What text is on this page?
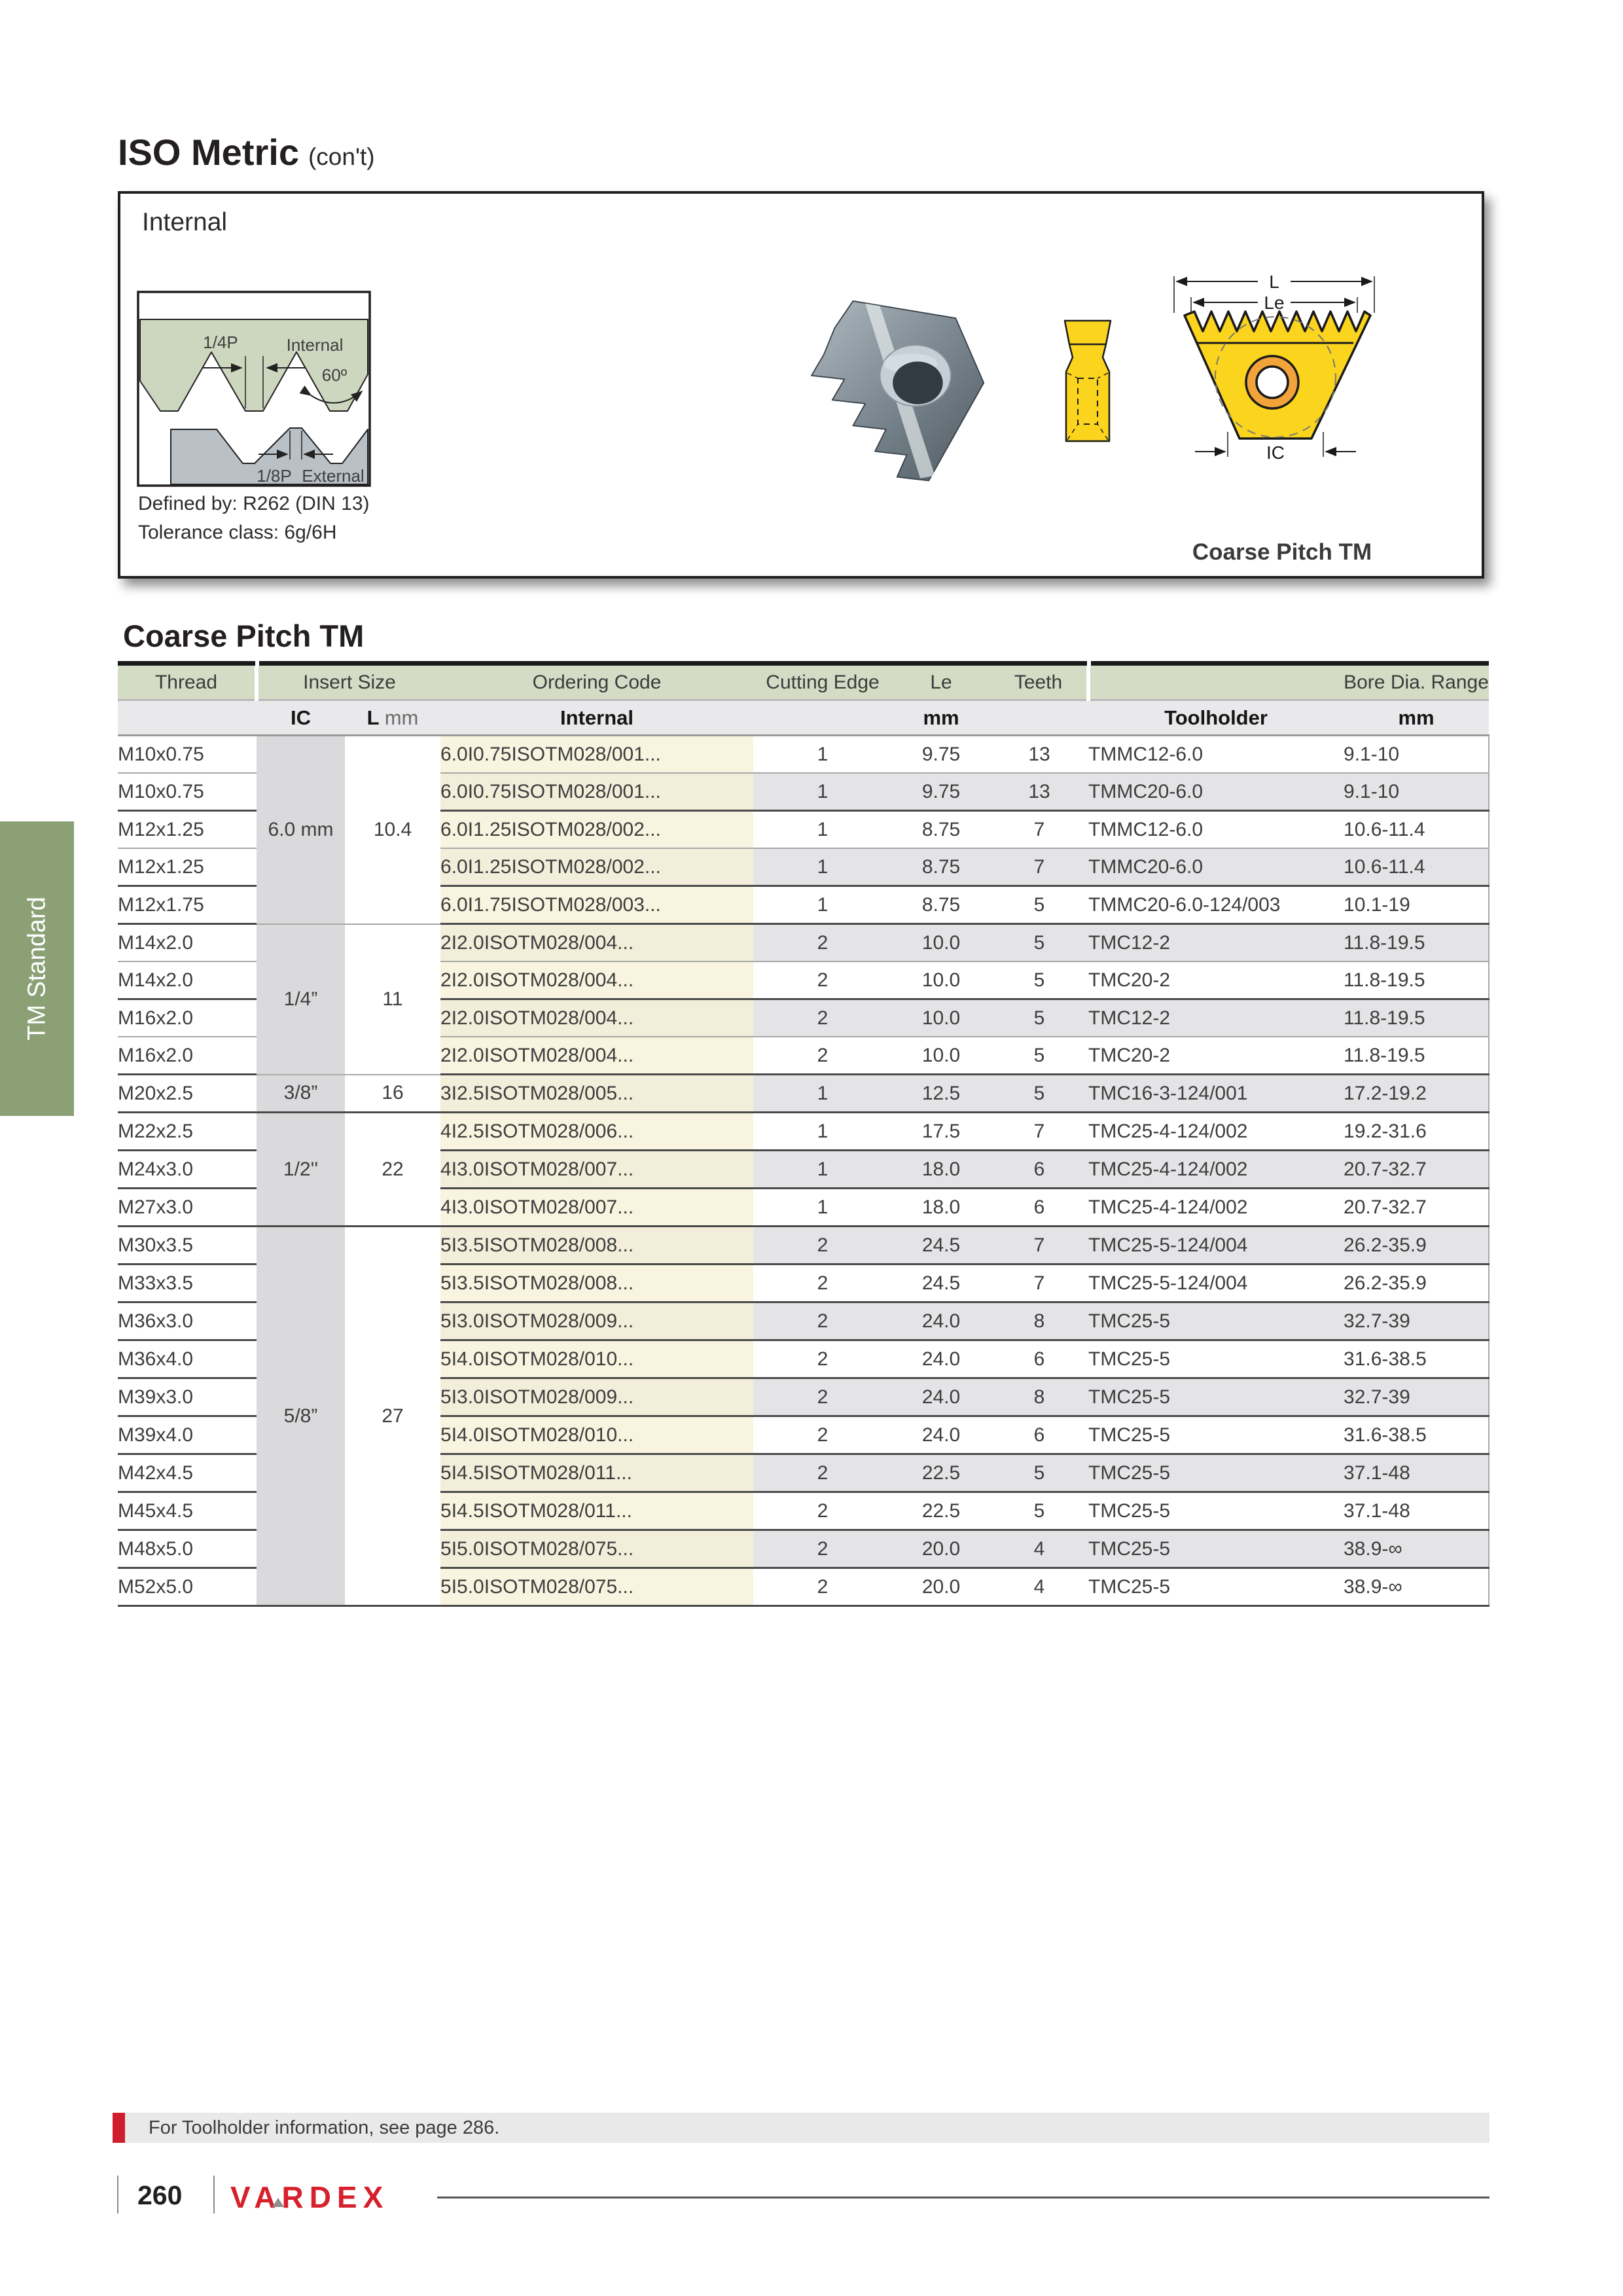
ISO Metric (con't)
Internal
1/4P	Internal
60º
1/8P External
Defined by: R262 (DIN 13)
Tolerance class: 6g/6H
L
Le
IC
Coarse Pitch TM
Coarse Pitch TM
Thread	Insert Size		Ordering Code	Cutting Edge	Le	Teeth		Bore Dia. Range
	IC	L mm	Internal		mm		Toolholder	mm
M10x0.75	6.0 mm	10.4	6.0I0.75ISOTM028/001...	1	9.75	13	TMMC12-6.0	9.1-10
M10x0.75			6.0I0.75ISOTM028/001...	1	9.75	13	TMMC20-6.0	9.1-10
M12x1.25			6.0I1.25ISOTM028/002...	1	8.75	7	TMMC12-6.0	10.6-11.4
M12x1.25			6.0I1.25ISOTM028/002...	1	8.75	7	TMMC20-6.0	10.6-11.4
M12x1.75			6.0I1.75ISOTM028/003...	1	8.75	5	TMMC20-6.0-124/003	10.1-19
M14x2.0	1/4”	11	2I2.0ISOTM028/004...	2	10.0	5	TMC12-2	11.8-19.5
M14x2.0			2I2.0ISOTM028/004...	2	10.0	5	TMC20-2	11.8-19.5
M16x2.0			2I2.0ISOTM028/004...	2	10.0	5	TMC12-2	11.8-19.5
M16x2.0			2I2.0ISOTM028/004...	2	10.0	5	TMC20-2	11.8-19.5
M20x2.5	3/8”	16	3I2.5ISOTM028/005...	1	12.5	5	TMC16-3-124/001	17.2-19.2
M22x2.5	1/2''	22	4I2.5ISOTM028/006...	1	17.5	7	TMC25-4-124/002	19.2-31.6
M24x3.0			4I3.0ISOTM028/007...	1	18.0	6	TMC25-4-124/002	20.7-32.7
M27x3.0			4I3.0ISOTM028/007...	1	18.0	6	TMC25-4-124/002	20.7-32.7
M30x3.5	5/8”	27	5I3.5ISOTM028/008...	2	24.5	7	TMC25-5-124/004	26.2-35.9
M33x3.5			5I3.5ISOTM028/008...	2	24.5	7	TMC25-5-124/004	26.2-35.9
M36x3.0			5I3.0ISOTM028/009...	2	24.0	8	TMC25-5	32.7-39
M36x4.0			5I4.0ISOTM028/010...	2	24.0	6	TMC25-5	31.6-38.5
M39x3.0			5I3.0ISOTM028/009...	2	24.0	8	TMC25-5	32.7-39
M39x4.0			5I4.0ISOTM028/010...	2	24.0	6	TMC25-5	31.6-38.5
M42x4.5			5I4.5ISOTM028/011...	2	22.5	5	TMC25-5	37.1-48
M45x4.5			5I4.5ISOTM028/011...	2	22.5	5	TMC25-5	37.1-48
M48x5.0			5I5.0ISOTM028/075...	2	20.0	4	TMC25-5	38.9-∞
M52x5.0			5I5.0ISOTM028/075...	2	20.0	4	TMC25-5	38.9-∞
TM Standard
For Toolholder information, see page 286.
260 VARDEX
